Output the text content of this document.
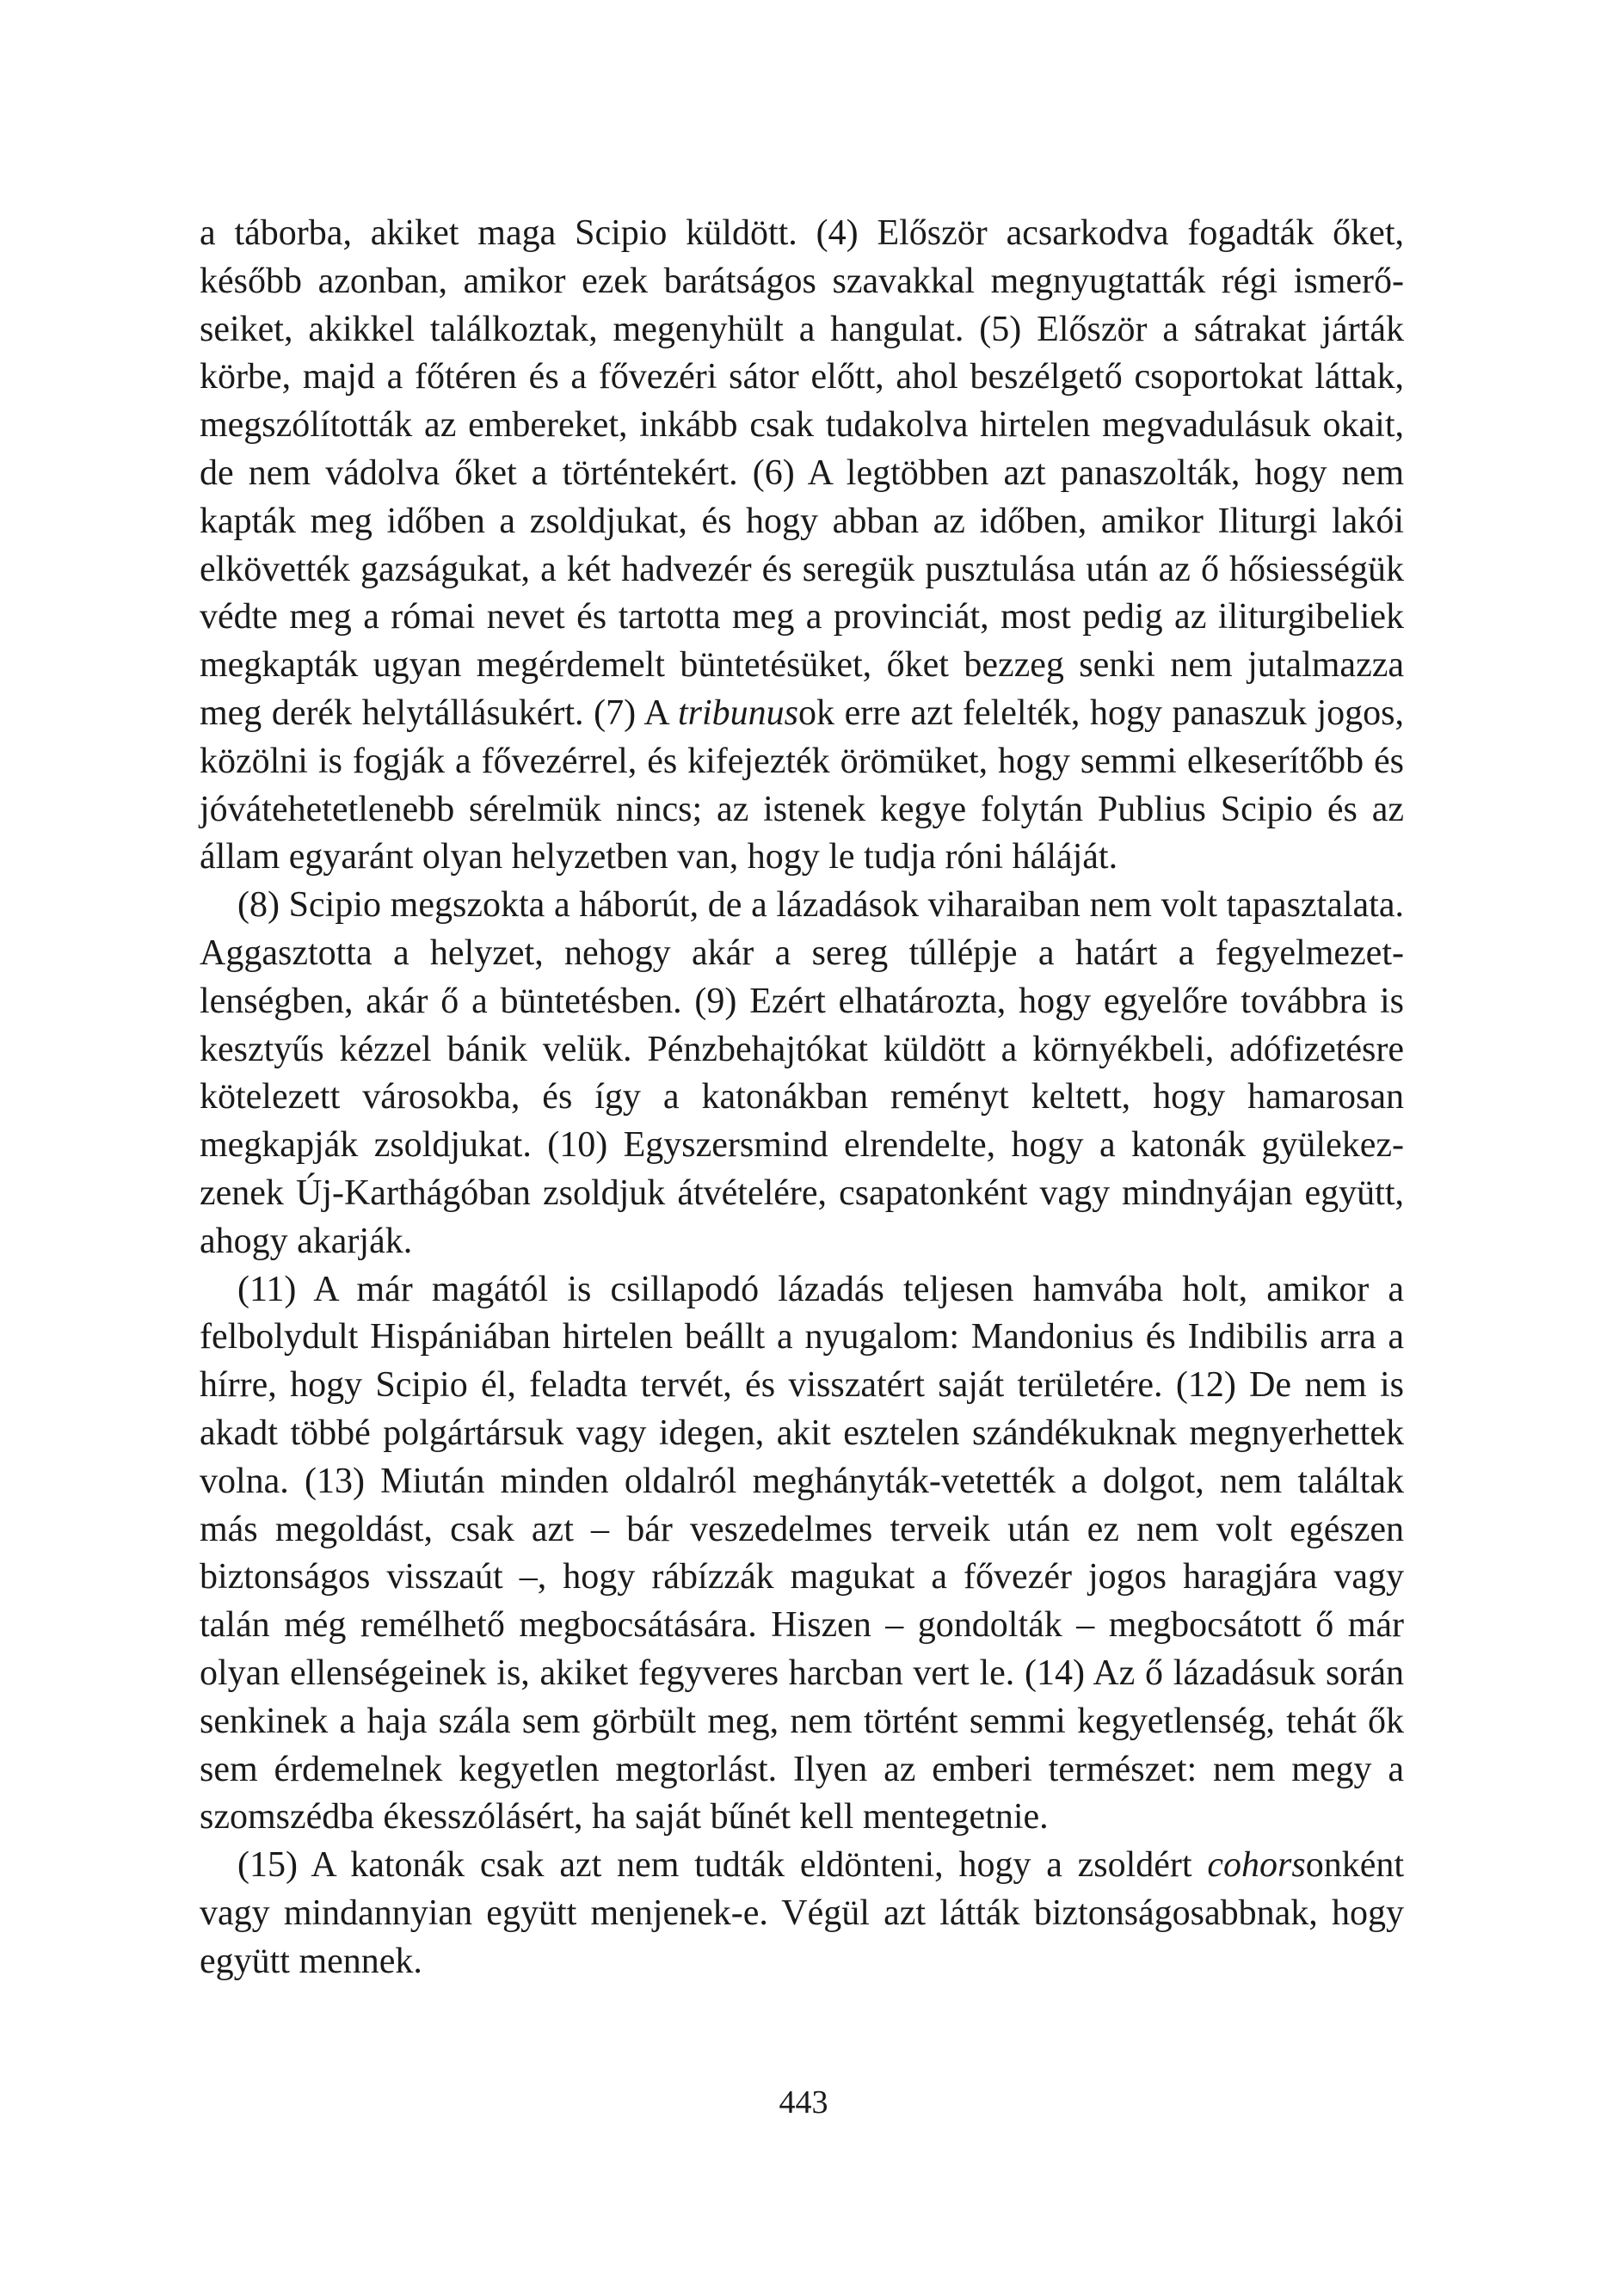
a táborba, akiket maga Scipio küldött. (4) Először acsarkodva fogadták őket, később azonban, amikor ezek barátságos szavakkal megnyugtatták régi ismerőseiket, akikkel találkoztak, megenyhült a hangulat. (5) Először a sátrakat járták körbe, majd a főtéren és a fővezéri sátor előtt, ahol beszélgető csoportokat láttak, megszólították az embereket, inkább csak tudakolva hirtelen megvadulásuk okait, de nem vádolva őket a történtekért. (6) A legtöbben azt panaszolták, hogy nem kapták meg időben a zsoldjukat, és hogy abban az időben, amikor Iliturgi lakói elkövették gazságukat, a két hadvezér és seregük pusztulása után az ő hősiességük védte meg a római nevet és tartotta meg a provinciát, most pedig az iliturgibeliek megkapták ugyan megérdemelt büntetésüket, őket bezzeg senki nem jutalmazza meg derék helytállásukért. (7) A tribunusok erre azt felelték, hogy panaszuk jogos, közölni is fogják a fővezérrel, és kifejezték örömüket, hogy semmi elkeserítőbb és jóvátehetetlenebb sérelmük nincs; az istenek kegye folytán Publius Scipio és az állam egyaránt olyan helyzetben van, hogy le tudja róni háláját.

(8) Scipio megszokta a háborút, de a lázadások viharaiban nem volt tapasztalata. Aggasztotta a helyzet, nehogy akár a sereg túllépje a határt a fegyelmezetlenségben, akár ő a büntetésben. (9) Ezért elhatározta, hogy egyelőre továbbra is kesztyűs kézzel bánik velük. Pénzbehajtókat küldött a környékbeli, adófizetésre kötelezett városokba, és így a katonákban reményt keltett, hogy hamarosan megkapják zsoldjukat. (10) Egyszersmind elrendelte, hogy a katonák gyülekezzenek Új-Karthágóban zsoldjuk átvételére, csapatonként vagy mindnyájan együtt, ahogy akarják.

(11) A már magától is csillapodó lázadás teljesen hamvába holt, amikor a felbolydult Hispániában hirtelen beállt a nyugalom: Mandonius és Indibilis arra a hírre, hogy Scipio él, feladta tervét, és visszatért saját területére. (12) De nem is akadt többé polgártársuk vagy idegen, akit esztelen szándékuknak megnyerhettek volna. (13) Miután minden oldalról meghányták-vetették a dolgot, nem találtak más megoldást, csak azt – bár veszedelmes terveik után ez nem volt egészen biztonságos visszaút –, hogy rábízzák magukat a fővezér jogos haragjára vagy talán még remélhető megbocsátására. Hiszen – gondolták – megbocsátott ő már olyan ellenségeinek is, akiket fegyveres harcban vert le. (14) Az ő lázadásuk során senkinek a haja szála sem görbült meg, nem történt semmi kegyetlenség, tehát ők sem érdemelnek kegyetlen megtorlást. Ilyen az emberi természet: nem megy a szomszédba ékesszólásért, ha saját bűnét kell mentegetnie.

(15) A katonák csak azt nem tudták eldönteni, hogy a zsoldért cohorsonként vagy mindannyian együtt menjenek-e. Végül azt látták biztonságosabbnak, hogy együtt mennek.

443
